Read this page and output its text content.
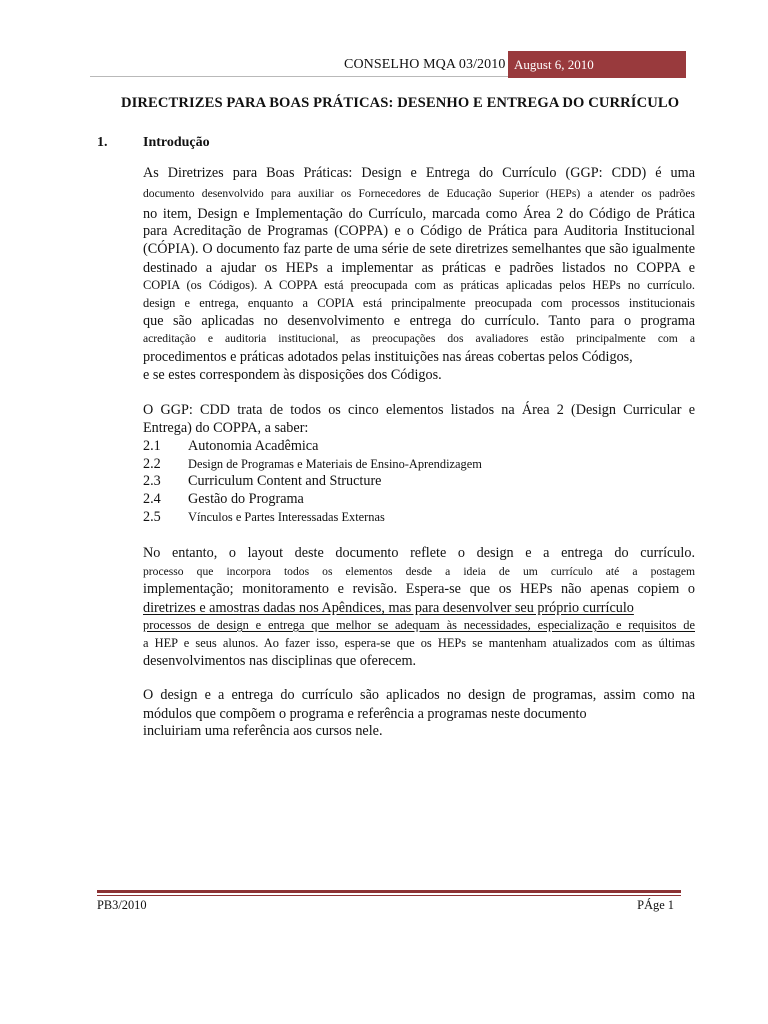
CONSELHO MQA 03/2010 August 6, 2010
DIRECTRIZES PARA BOAS PRÁTICAS: DESENHO E ENTREGA DO CURRÍCULO
1.	Introdução
As Diretrizes para Boas Práticas: Design e Entrega do Currículo (GGP: CDD) é uma
documento desenvolvido para auxiliar os Fornecedores de Educação Superior (HEPs) a atender os padrões
no item, Design e Implementação do Currículo, marcada como Área 2 do Código de Prática
para Acreditação de Programas (COPPA) e o Código de Prática para Auditoria Institucional
(CÓPIA). O documento faz parte de uma série de sete diretrizes semelhantes que são igualmente
destinado a ajudar os HEPs a implementar as práticas e padrões listados no COPPA e
COPIA (os Códigos). A COPPA está preocupada com as práticas aplicadas pelos HEPs no currículo.
design e entrega, enquanto a COPIA está principalmente preocupada com processos institucionais
que são aplicadas no desenvolvimento e entrega do currículo. Tanto para o programa
acreditação e auditoria institucional, as preocupações dos avaliadores estão principalmente com a
procedimentos e práticas adotados pelas instituições nas áreas cobertas pelos Códigos,
e se estes correspondem às disposições dos Códigos.
O GGP: CDD trata de todos os cinco elementos listados na Área 2 (Design Curricular e
Entrega) do COPPA, a saber:
2.1 Autonomia Acadêmica
2.2 Design de Programas e Materiais de Ensino-Aprendizagem
2.3 Curriculum Content and Structure
2.4 Gestão do Programa
2.5 Vínculos e Partes Interessadas Externas
No entanto, o layout deste documento reflete o design e a entrega do currículo.
processo que incorpora todos os elementos desde a ideia de um currículo até a postagem
implementação; monitoramento e revisão. Espera-se que os HEPs não apenas copiem o
diretrizes e amostras dadas nos Apêndices, mas para desenvolver seu próprio currículo
processos de design e entrega que melhor se adequam às necessidades, especialização e requisitos de
a HEP e seus alunos. Ao fazer isso, espera-se que os HEPs se mantenham atualizados com as últimas
desenvolvimentos nas disciplinas que oferecem.
O design e a entrega do currículo são aplicados no design de programas, assim como na
módulos que compõem o programa e referência a programas neste documento
incluiriam uma referência aos cursos nele.
PB3/2010	PÁge 1
